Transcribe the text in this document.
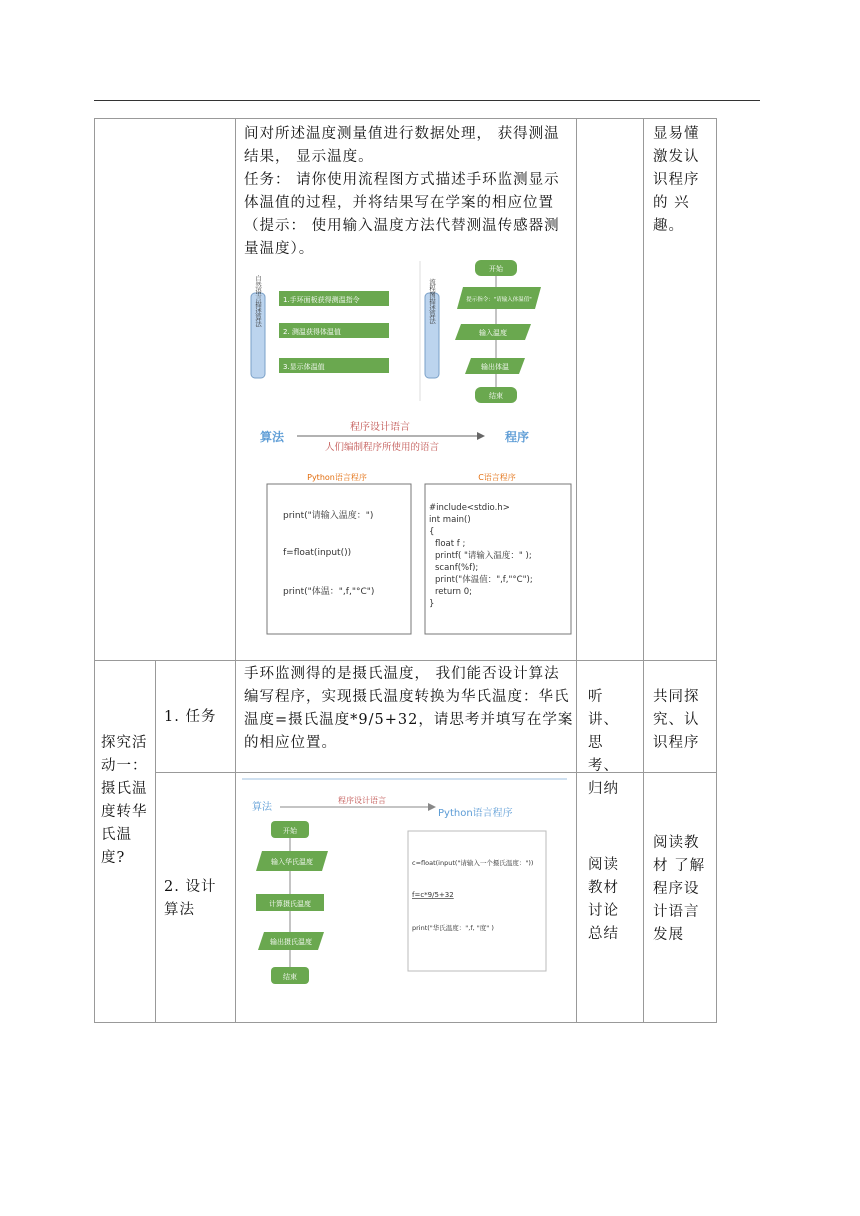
间对所述温度测量值进行数据处理， 获得测温结果， 显示温度。
任务： 请你使用流程图方式描述手环监测显示体温值的过程，并将结果写在学案的相应位置（提示： 使用输入温度方法代替测温传感器测量温度）。
显易懂激发认识程序的 兴趣。
自然语言描述算法	1.手环面板获得测温指令
2. 测温获得体温值
3.显示体温值
流程图描述算法
开始
提示指令："请输入体温值"
输入温度
输出体温
结束
算法	程序
程序设计语言
人们编制程序所使用的语言
Python语言程序
print("请输入温度：")
f=float(input())
print("体温：",f,"°C")
C语言程序
#include<stdio.h>
int main()
{
float f ;
printf( "请输入温度：" );
scanf(%f);
print("体温值：",f,"°C");
return 0;
}
探究活动一：摄氏温度转华氏温度?
1. 任务
手环监测得的是摄氏温度， 我们能否设计算法编写程序，实现摄氏温度转换为华氏温度：华氏温度=摄氏温度*9/5+32，请思考并填写在学案的相应位置。
听讲、思考、归纳
共同探究、认识程序
2. 设计算法
阅读教材讨论总结
阅读教材 了解程序设计语言发展
算法
程序设计语言
Python语言程序
开始
输入华氏温度
计算摄氏温度
输出摄氏温度
结束
c=float(input("请输入一个摄氏温度："))
f=c*9/5+32
print("华氏温度：",f, "度" )
